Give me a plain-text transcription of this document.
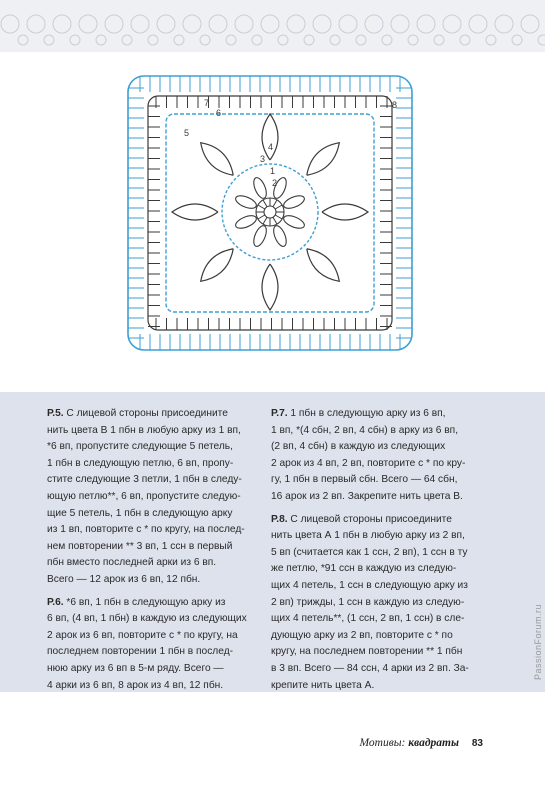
1
2
3
4
5
6
7	8

Р.5. С лицевой стороны присоедините
нить цвета В 1 пбн в любую арку из 1 вп,
*6 вп, пропустите следующие 5 петель,
1 пбн в следующую петлю, 6 вп, пропу-
стите следующие 3 петли, 1 пбн в следу-
ющую петлю**, 6 вп, пропустите следую-
щие 5 петель, 1 пбн в следующую арку
из 1 вп, повторите с * по кругу, на послед-
нем повторении ** 3 вп, 1 ссн в первый
пбн вместо последней арки из 6 вп.
Всего — 12 арок из 6 вп, 12 пбн.

Р.6. *6 вп, 1 пбн в следующую арку из
6 вп, (4 вп, 1 пбн) в каждую из следующих
2 арок из 6 вп, повторите с * по кругу, на
последнем повторении 1 пбн в послед-
нюю арку из 6 вп в 5-м ряду. Всего —
4 арки из 6 вп, 8 арок из 4 вп, 12 пбн.

Р.7. 1 пбн в следующую арку из 6 вп,
1 вп, *(4 сбн, 2 вп, 4 сбн) в арку из 6 вп,
(2 вп, 4 сбн) в каждую из следующих
2 арок из 4 вп, 2 вп, повторите с * по кру-
гу, 1 пбн в первый сбн. Всего — 64 сбн,
16 арок из 2 вп. Закрепите нить цвета В.

Р.8. С лицевой стороны присоедините
нить цвета А 1 пбн в любую арку из 2 вп,
5 вп (считается как 1 ссн, 2 вп), 1 ссн в ту
же петлю, *91 ссн в каждую из следую-
щих 4 петель, 1 ссн в следующую арку из
2 вп) трижды, 1 ссн в каждую из следую-
щих 4 петель**, (1 ссн, 2 вп, 1 ссн) в сле-
дующую арку из 2 вп, повторите с * по
кругу, на последнем повторении ** 1 пбн
в 3 вп. Всего — 84 ссн, 4 арки из 2 вп. За-
крепите нить цвета А.

Мотивы: квадраты 83
PassionForum.ru
